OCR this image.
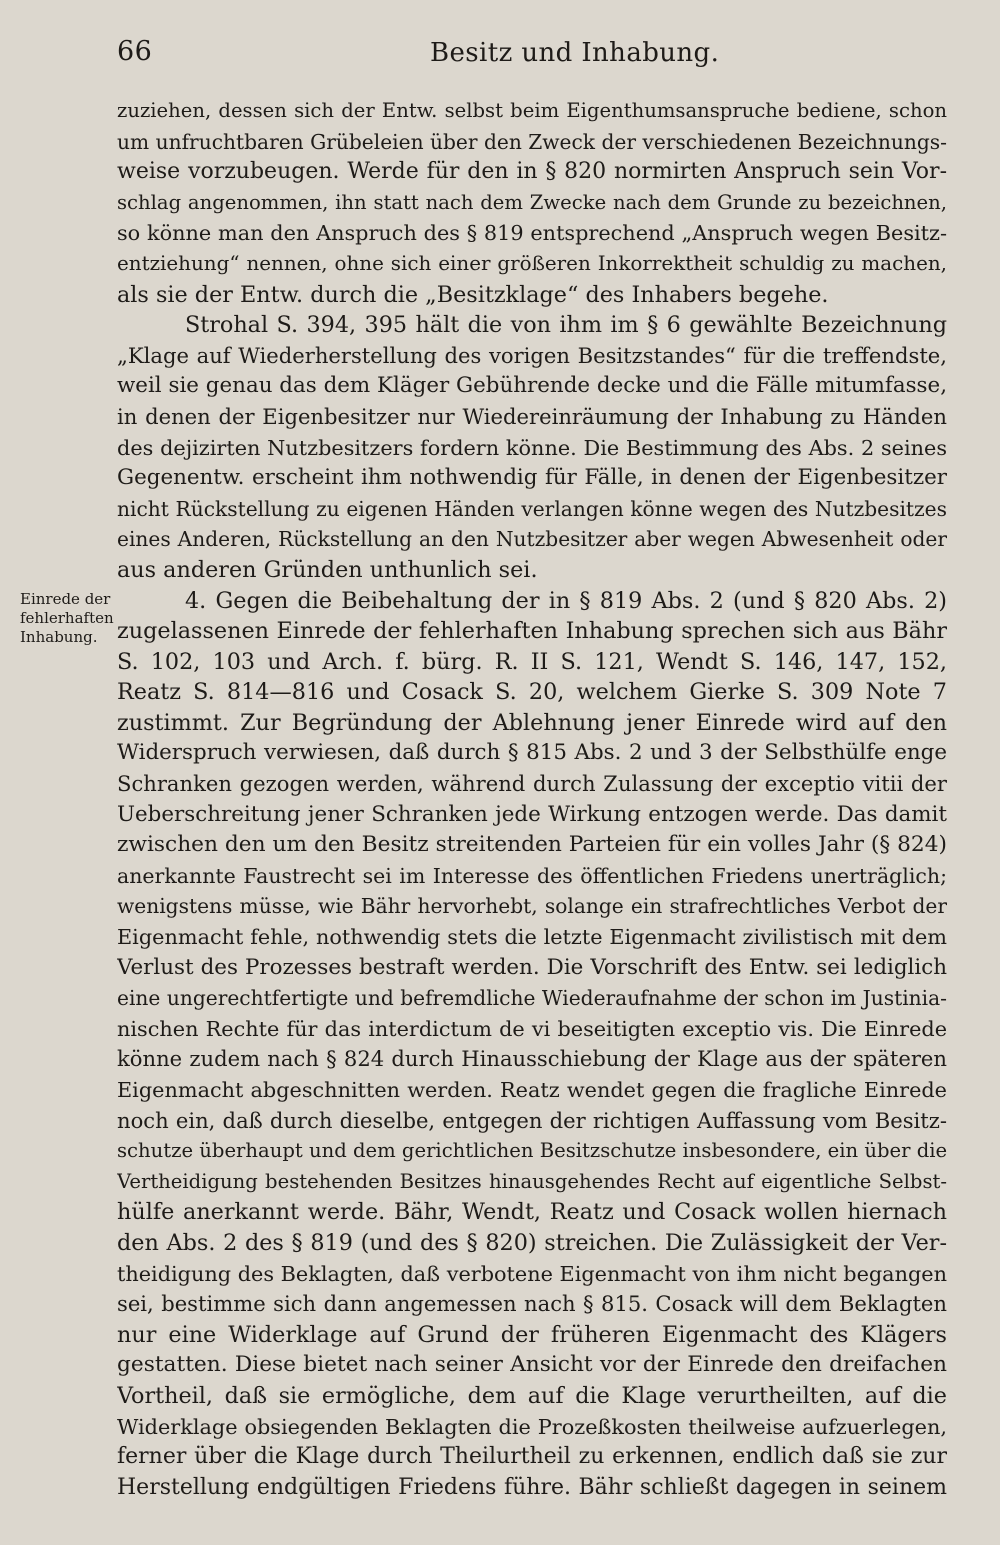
66	Besitz und Inhabung.
Einrede der
fehlerhaften
Inhabung.
zuziehen, dessen sich der Entw. selbst beim Eigenthumsanspruche bediene, schon
um unfruchtbaren Grübeleien über den Zweck der verschiedenen Bezeichnungs-
weise vorzubeugen. Werde für den in § 820 normirten Anspruch sein Vor-
schlag angenommen, ihn statt nach dem Zwecke nach dem Grunde zu bezeichnen,
so könne man den Anspruch des § 819 entsprechend „Anspruch wegen Besitz-
entziehung“ nennen, ohne sich einer größeren Inkorrektheit schuldig zu machen,
als sie der Entw. durch die „Besitzklage“ des Inhabers begehe.
Strohal S. 394, 395 hält die von ihm im § 6 gewählte Bezeichnung
„Klage auf Wiederherstellung des vorigen Besitzstandes“ für die treffendste,
weil sie genau das dem Kläger Gebührende decke und die Fälle mitumfasse,
in denen der Eigenbesitzer nur Wiedereinräumung der Inhabung zu Händen
des dejizirten Nutzbesitzers fordern könne. Die Bestimmung des Abs. 2 seines
Gegenentw. erscheint ihm nothwendig für Fälle, in denen der Eigenbesitzer
nicht Rückstellung zu eigenen Händen verlangen könne wegen des Nutzbesitzes
eines Anderen, Rückstellung an den Nutzbesitzer aber wegen Abwesenheit oder
aus anderen Gründen unthunlich sei.
4. Gegen die Beibehaltung der in § 819 Abs. 2 (und § 820 Abs. 2)
zugelassenen Einrede der fehlerhaften Inhabung sprechen sich aus Bähr
S. 102, 103 und Arch. f. bürg. R. II S. 121, Wendt S. 146, 147, 152,
Reatz S. 814—816 und Cosack S. 20, welchem Gierke S. 309 Note 7
zustimmt. Zur Begründung der Ablehnung jener Einrede wird auf den
Widerspruch verwiesen, daß durch § 815 Abs. 2 und 3 der Selbsthülfe enge
Schranken gezogen werden, während durch Zulassung der exceptio vitii der
Ueberschreitung jener Schranken jede Wirkung entzogen werde. Das damit
zwischen den um den Besitz streitenden Parteien für ein volles Jahr (§ 824)
anerkannte Faustrecht sei im Interesse des öffentlichen Friedens unerträglich;
wenigstens müsse, wie Bähr hervorhebt, solange ein strafrechtliches Verbot der
Eigenmacht fehle, nothwendig stets die letzte Eigenmacht zivilistisch mit dem
Verlust des Prozesses bestraft werden. Die Vorschrift des Entw. sei lediglich
eine ungerechtfertigte und befremdliche Wiederaufnahme der schon im Justinia-
nischen Rechte für das interdictum de vi beseitigten exceptio vis. Die Einrede
könne zudem nach § 824 durch Hinausschiebung der Klage aus der späteren
Eigenmacht abgeschnitten werden. Reatz wendet gegen die fragliche Einrede
noch ein, daß durch dieselbe, entgegen der richtigen Auffassung vom Besitz-
schutze überhaupt und dem gerichtlichen Besitzschutze insbesondere, ein über die
Vertheidigung bestehenden Besitzes hinausgehendes Recht auf eigentliche Selbst-
hülfe anerkannt werde. Bähr, Wendt, Reatz und Cosack wollen hiernach
den Abs. 2 des § 819 (und des § 820) streichen. Die Zulässigkeit der Ver-
theidigung des Beklagten, daß verbotene Eigenmacht von ihm nicht begangen
sei, bestimme sich dann angemessen nach § 815. Cosack will dem Beklagten
nur eine Widerklage auf Grund der früheren Eigenmacht des Klägers
gestatten. Diese bietet nach seiner Ansicht vor der Einrede den dreifachen
Vortheil, daß sie ermögliche, dem auf die Klage verurtheilten, auf die
Widerklage obsiegenden Beklagten die Prozeßkosten theilweise aufzuerlegen,
ferner über die Klage durch Theilurtheil zu erkennen, endlich daß sie zur
Herstellung endgültigen Friedens führe. Bähr schließt dagegen in seinem
